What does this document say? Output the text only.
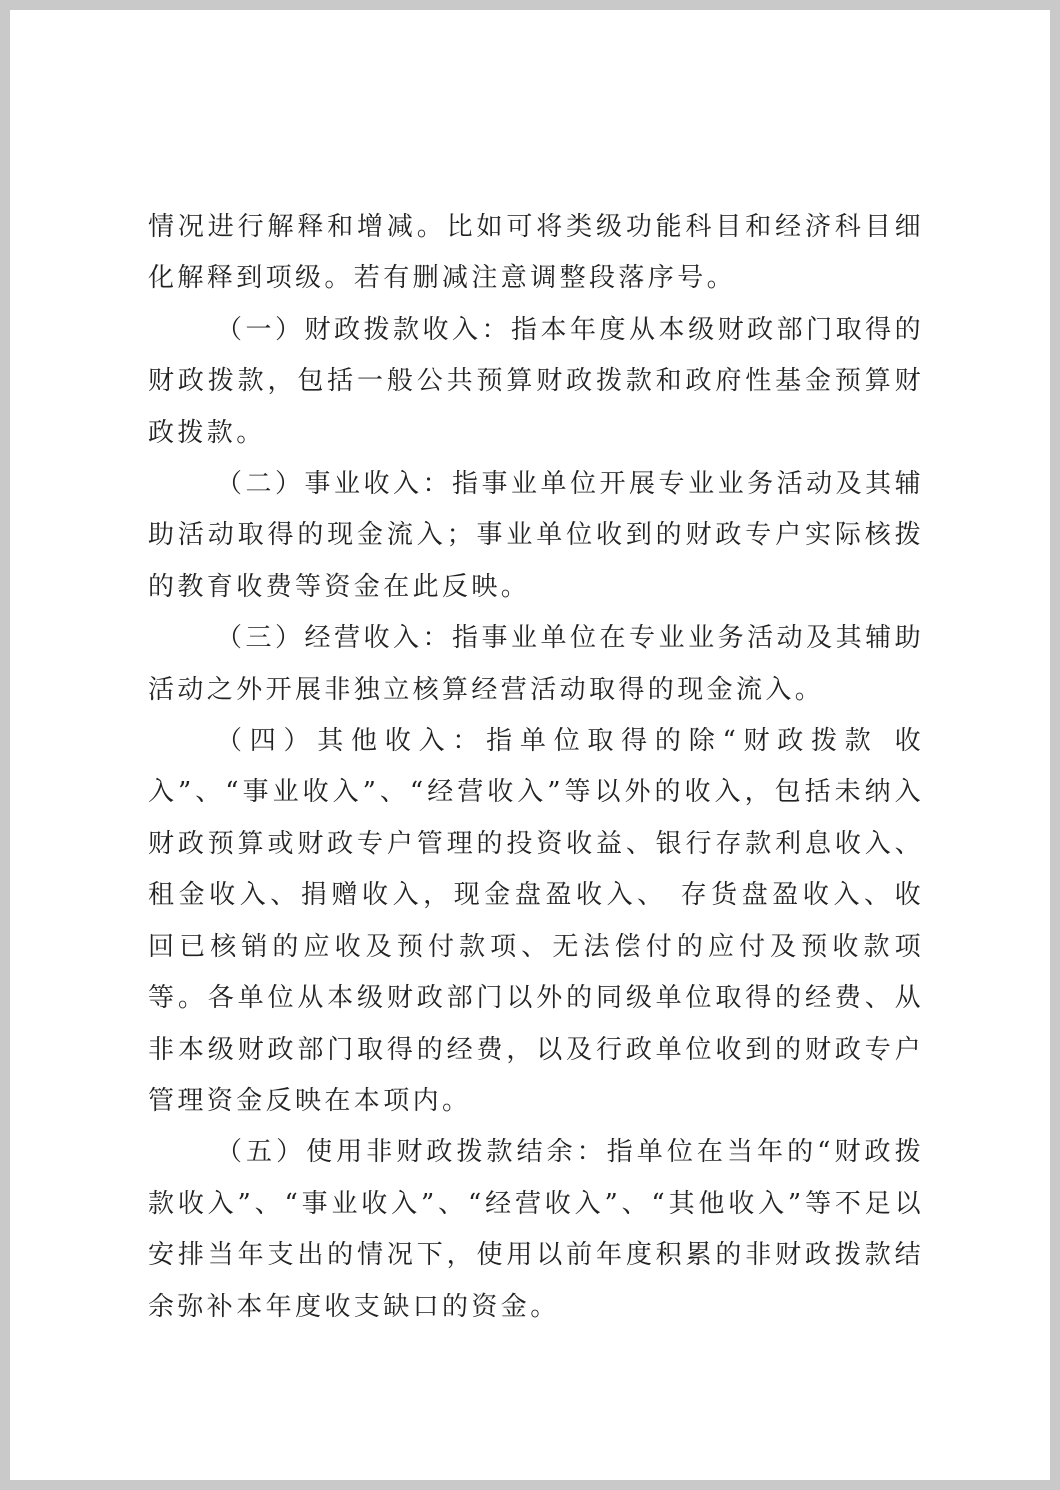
情况进行解释和增减。比如可将类级功能科目和经济科目细化解释到项级。若有删减注意调整段落序号。

（一）财政拨款收入：指本年度从本级财政部门取得的财政拨款，包括一般公共预算财政拨款和政府性基金预算财政拨款。

（二）事业收入：指事业单位开展专业业务活动及其辅助活动取得的现金流入；事业单位收到的财政专户实际核拨的教育收费等资金在此反映。

（三）经营收入：指事业单位在专业业务活动及其辅助活动之外开展非独立核算经营活动取得的现金流入。

（四）其他收入：指单位取得的除“财政拨款 收入”、“事业收入”、“经营收入”等以外的收入，包括未纳入财政预算或财政专户管理的投资收益、银行存款利息收入、租金收入、捐赠收入，现金盘盈收入、 存货盘盈收入、收回已核销的应收及预付款项、无法偿付的应付及预收款项等。各单位从本级财政部门以外的同级单位取得的经费、从非本级财政部门取得的经费，以及行政单位收到的财政专户管理资金反映在本项内。

（五）使用非财政拨款结余：指单位在当年的“财政拨款收入”、“事业收入”、“经营收入”、“其他收入”等不足以安排当年支出的情况下，使用以前年度积累的非财政拨款结余弥补本年度收支缺口的资金。
